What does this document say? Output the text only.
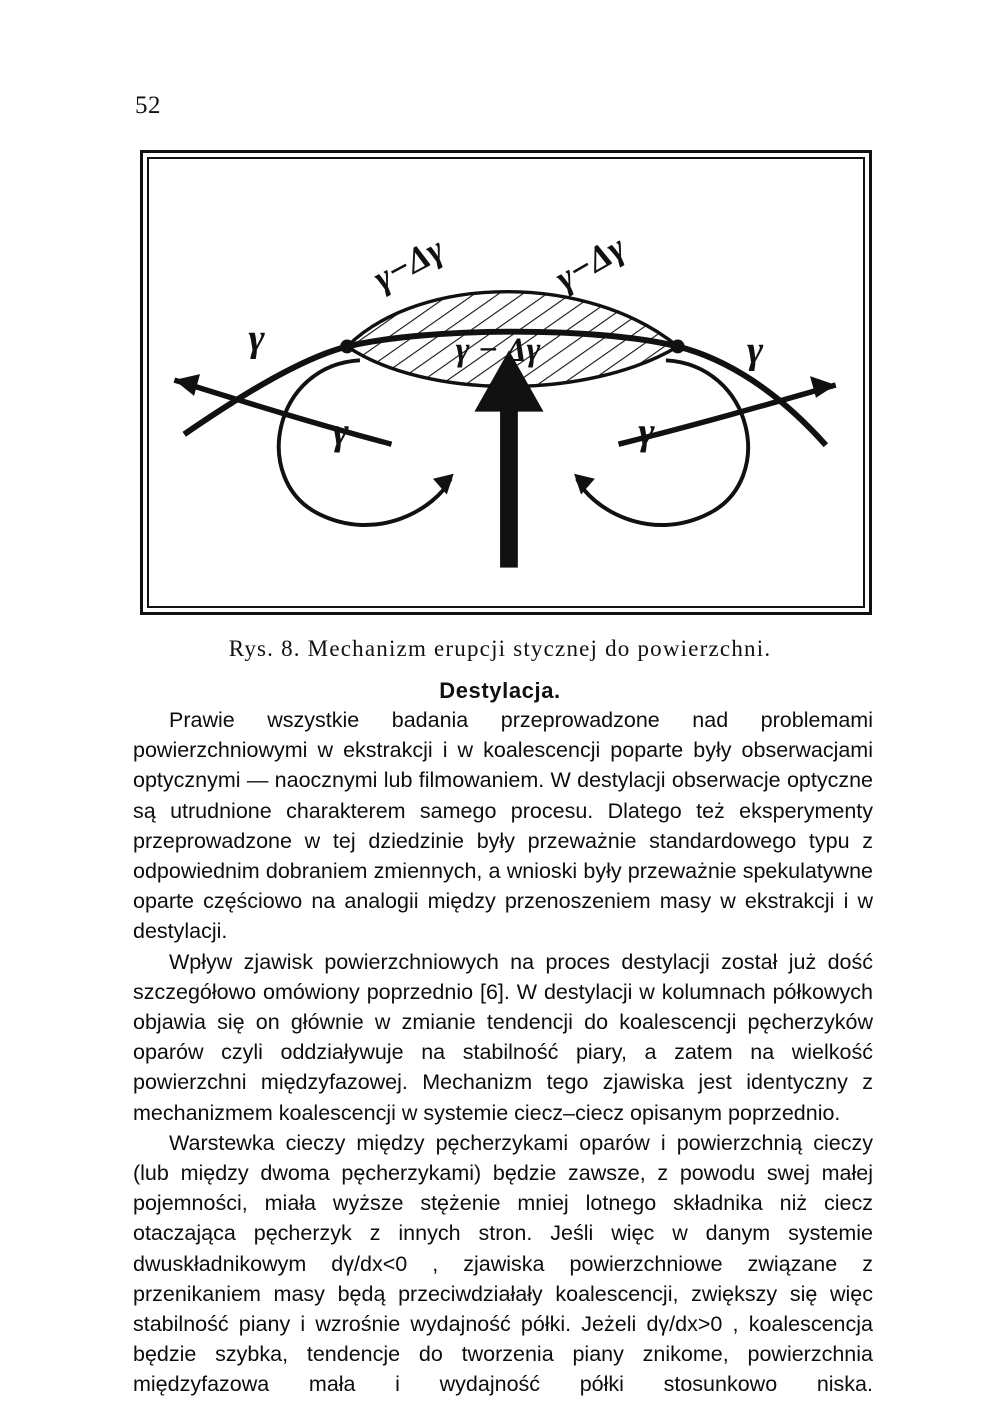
52
γ	γ
γ−Δγ	γ−Δγ
γ − Δγ
γ	γ
Rys. 8. Mechanizm erupcji stycznej do powierzchni.
Destylacja.

Prawie wszystkie badania przeprowadzone nad problemami powierzchniowymi w ekstrakcji i w koalescencji poparte były obserwacjami optycznymi — naocznymi lub filmowaniem. W destylacji obserwacje optyczne są utrudnione charakterem samego procesu. Dlatego też eksperymenty przeprowadzone w tej dziedzinie były przeważnie standardowego typu z odpowiednim dobraniem zmiennych, a wnioski były przeważnie spekulatywne oparte częściowo na analogii między przenoszeniem masy w ekstrakcji i w destylacji.

Wpływ zjawisk powierzchniowych na proces destylacji został już dość szczegółowo omówiony poprzednio [6]. W destylacji w kolumnach półkowych objawia się on głównie w zmianie tendencji do koalescencji pęcherzyków oparów czyli oddziaływuje na stabilność piary, a zatem na wielkość powierzchni międzyfazowej. Mechanizm tego zjawiska jest identyczny z mechanizmem koalescencji w systemie ciecz–ciecz opisanym poprzednio.

Warstewka cieczy między pęcherzykami oparów i powierzchnią cieczy (lub między dwoma pęcherzykami) będzie zawsze, z powodu swej małej pojemności, miała wyższe stężenie mniej lotnego składnika niż ciecz otaczająca pęcherzyk z innych stron. Jeśli więc w danym systemie dwuskładnikowym dγ/dx<0 , zjawiska powierzchniowe związane z przenikaniem masy będą przeciwdziałały koalescencji, zwiększy się więc stabilność piany i wzrośnie wydajność półki. Jeżeli dγ/dx>0 , koalescencja będzie szybka, tendencje do tworzenia piany znikome, powierzchnia międzyfazowa mała i wydajność półki stosunkowo niska.
